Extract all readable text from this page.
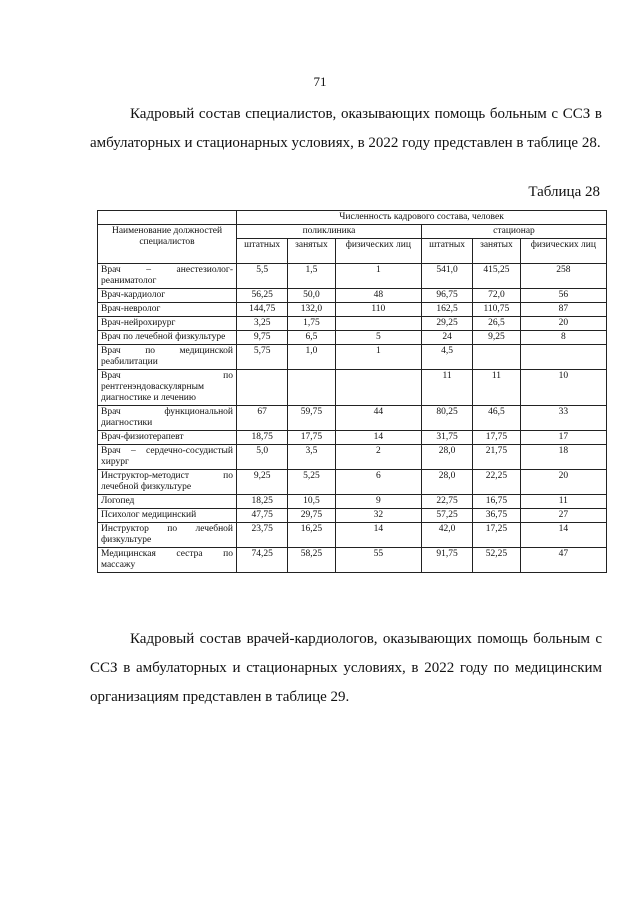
71

Кадровый состав специалистов, оказывающих помощь больным с ССЗ в амбулаторных и стационарных условиях, в 2022 году представлен в таблице 28.

Таблица 28
	Численность кадрового состава, человек					
Наименование должностей специалистов	поликлиника			стационар		
	штатных	занятых	физических лиц	штатных	занятых	физических лиц
Врач – анестезиолог-реаниматолог	5,5	1,5	1	541,0	415,25	258
Врач-кардиолог	56,25	50,0	48	96,75	72,0	56
Врач-невролог	144,75	132,0	110	162,5	110,75	87
Врач-нейрохирург	3,25	1,75		29,25	26,5	20
Врач по лечебной физкультуре	9,75	6,5	5	24	9,25	8
Врач по медицинской реабилитации	5,75	1,0	1	4,5		
Врач по рентгенэндоваскулярным диагностике и лечению				11	11	10
Врач функциональной диагностики	67	59,75	44	80,25	46,5	33
Врач-физиотерапевт	18,75	17,75	14	31,75	17,75	17
Врач – сердечно-сосудистый хирург	5,0	3,5	2	28,0	21,75	18
Инструктор-методист по лечебной физкультуре	9,25	5,25	6	28,0	22,25	20
Логопед	18,25	10,5	9	22,75	16,75	11
Психолог медицинский	47,75	29,75	32	57,25	36,75	27
Инструктор по лечебной физкультуре	23,75	16,25	14	42,0	17,25	14
Медицинская сестра по массажу	74,25	58,25	55	91,75	52,25	47

Кадровый состав врачей-кардиологов, оказывающих помощь больным с ССЗ в амбулаторных и стационарных условиях, в 2022 году по медицинским организациям представлен в таблице 29.
